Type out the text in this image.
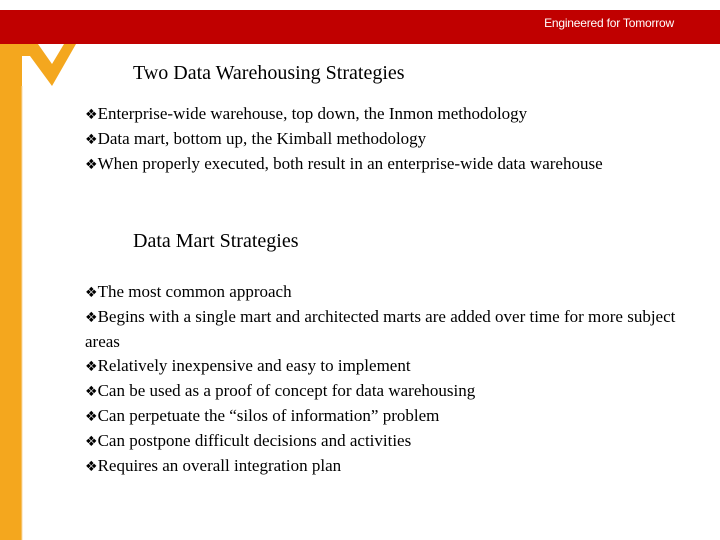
Engineered for Tomorrow
Two Data Warehousing Strategies
❖Enterprise-wide warehouse, top down, the Inmon methodology
❖Data mart, bottom up, the Kimball methodology
❖When properly executed, both result in an enterprise-wide data warehouse
Data Mart Strategies
❖The most common approach
❖Begins with a single mart and architected marts are added over time for more subject areas
❖Relatively inexpensive and easy to implement
❖Can be used as a proof of concept for data warehousing
❖Can perpetuate the “silos of information” problem
❖Can postpone difficult decisions and activities
❖Requires an overall integration plan
